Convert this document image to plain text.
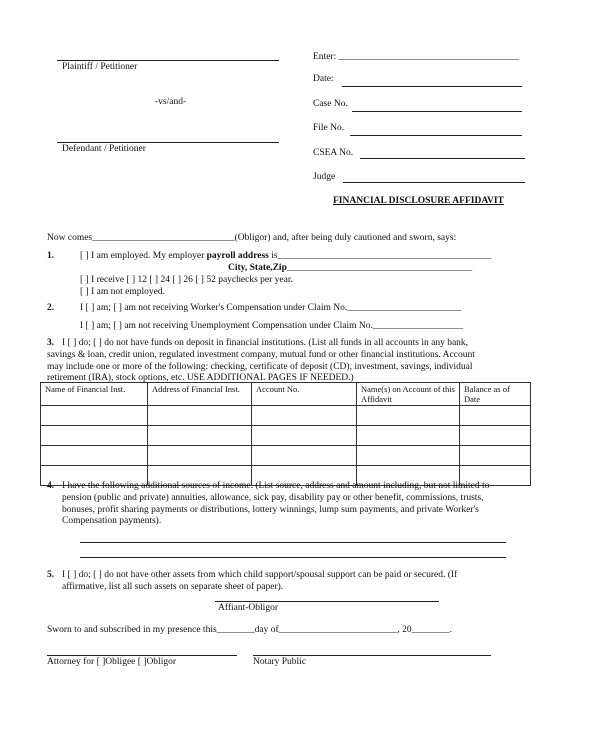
Plaintiff / Petitioner
-vs/and-
Defendant / Petitioner
Enter: ______________________________________
Date:
Case No.
File No.
CSEA No.
Judge
FINANCIAL DISCLOSURE AFFIDAVIT
Now comes______________________________(Obligor) and, after being duly cautioned and sworn, says:
1.	[ ] I am employed. My employer payroll address is_____________________________________________
City, State,Zip_______________________________________
[ ] I receive [ ] 12 [ ] 24 [ ] 26 [ ] 52 paychecks per year.
[ ] I am not employed.
2.	I [ ] am; [ ] am not receiving Worker's Compensation under Claim No.________________________
I [ ] am; [ ] am not receiving Unemployment Compensation under Claim No.___________________
3. I [ ] do; [ ] do not have funds on deposit in financial institutions. (List all funds in all accounts in any bank,
savings & loan, credit union, regulated investment company, mutual fund or other financial institutions. Account
may include one or more of the following: checking, certificate of deposit (CD), investment, savings, individual
retirement (IRA), stock options, etc. USE ADDITIONAL PAGES IF NEEDED.)
Name of Financial Inst.	Address of Financial Inst.	Account No.	Name(s) on Account of this Affidavit	Balance as of Date

4. I have the following additional sources of income. (List source, address and amount including, but not limited to
pension (public and private) annuities, allowance, sick pay, disability pay or other benefit, commissions, trusts,
bonuses, profit sharing payments or distributions, lottery winnings, lump sum payments, and private Worker's
Compensation payments).
5. I [ ] do; [ ] do not have other assets from which child support/spousal support can be paid or secured. (If
affirmative, list all such assets on separate sheet of paper).
Affiant-Obligor
Sworn to and subscribed in my presence this________day of_________________________, 20________.
Attorney for [ ]Obligee [ ]Obligor	Notary Public
